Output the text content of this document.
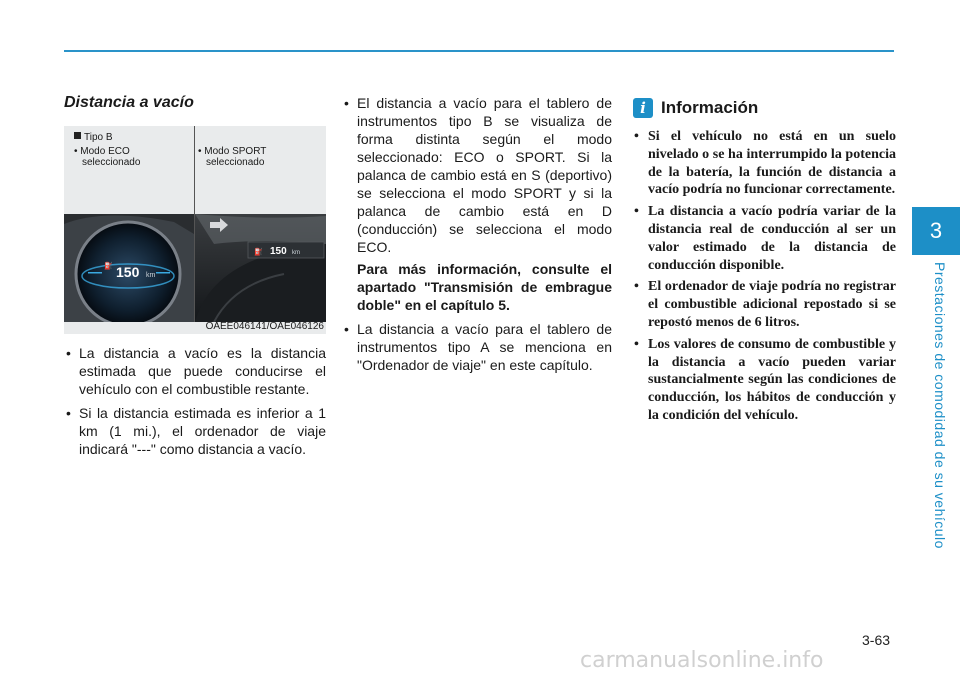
3
Prestaciones de comodidad de su vehículo
Distancia a vacío
Tipo B
• Modo ECO
seleccionado
• Modo SPORT
seleccionado
⛽ 150 km
⛽ 150 km
OAEE046141/OAE046126
• La distancia a vacío es la distancia estimada que puede conducirse el vehículo con el combustible restante.
• Si la distancia estimada es inferior a 1 km (1 mi.), el ordenador de viaje indicará "---" como distancia a vacío.
• El distancia a vacío para el tablero de instrumentos tipo B se visualiza de forma distinta según el modo seleccionado: ECO o SPORT. Si la palanca de cambio está en S (deportivo) se selecciona el modo SPORT y si la palanca de cambio está en D (conducción) se selecciona el modo ECO.
Para más información, consulte el apartado "Transmisión de embrague doble" en el capítulo 5.
• La distancia a vacío para el tablero de instrumentos tipo A se menciona en "Ordenador de viaje" en este capítulo.
i Información
• Si el vehículo no está en un suelo nivelado o se ha interrumpido la potencia de la batería, la función de distancia a vacío podría no funcionar correctamente.
• La distancia a vacío podría variar de la distancia real de conducción al ser un valor estimado de la distancia de conducción disponible.
• El ordenador de viaje podría no registrar el combustible adicional repostado si se repostó menos de 6 litros.
• Los valores de consumo de combustible y la distancia a vacío pueden variar sustancialmente según las condiciones de conducción, los hábitos de conducción y la condición del vehículo.
3-63
carmanualsonline.info
